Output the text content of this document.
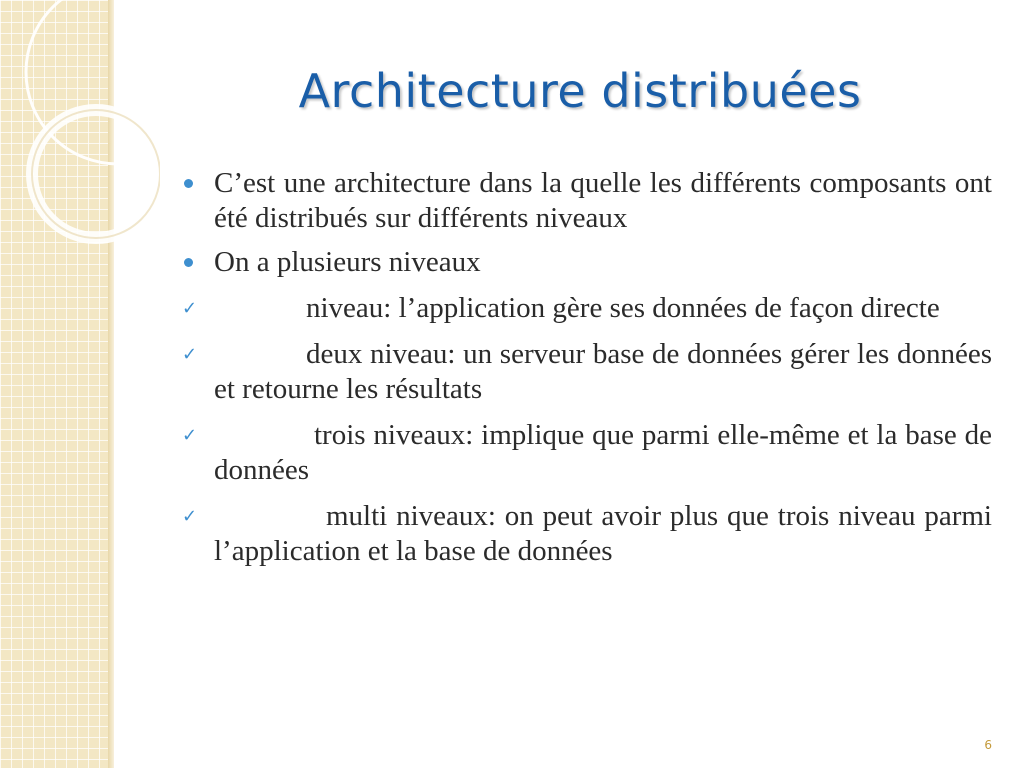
Architecture distribuées
C’est une architecture dans la quelle les différents composants ont été distribués sur différents niveaux
On a plusieurs niveaux
✓	niveau: l’application gère ses données de façon directe
✓	deux niveau: un serveur base de données gérer les données et retourne les résultats
✓	trois niveaux: implique que parmi elle-même et la base de données
✓	multi niveaux: on peut avoir plus que trois niveau parmi l’application et la base de données
6
